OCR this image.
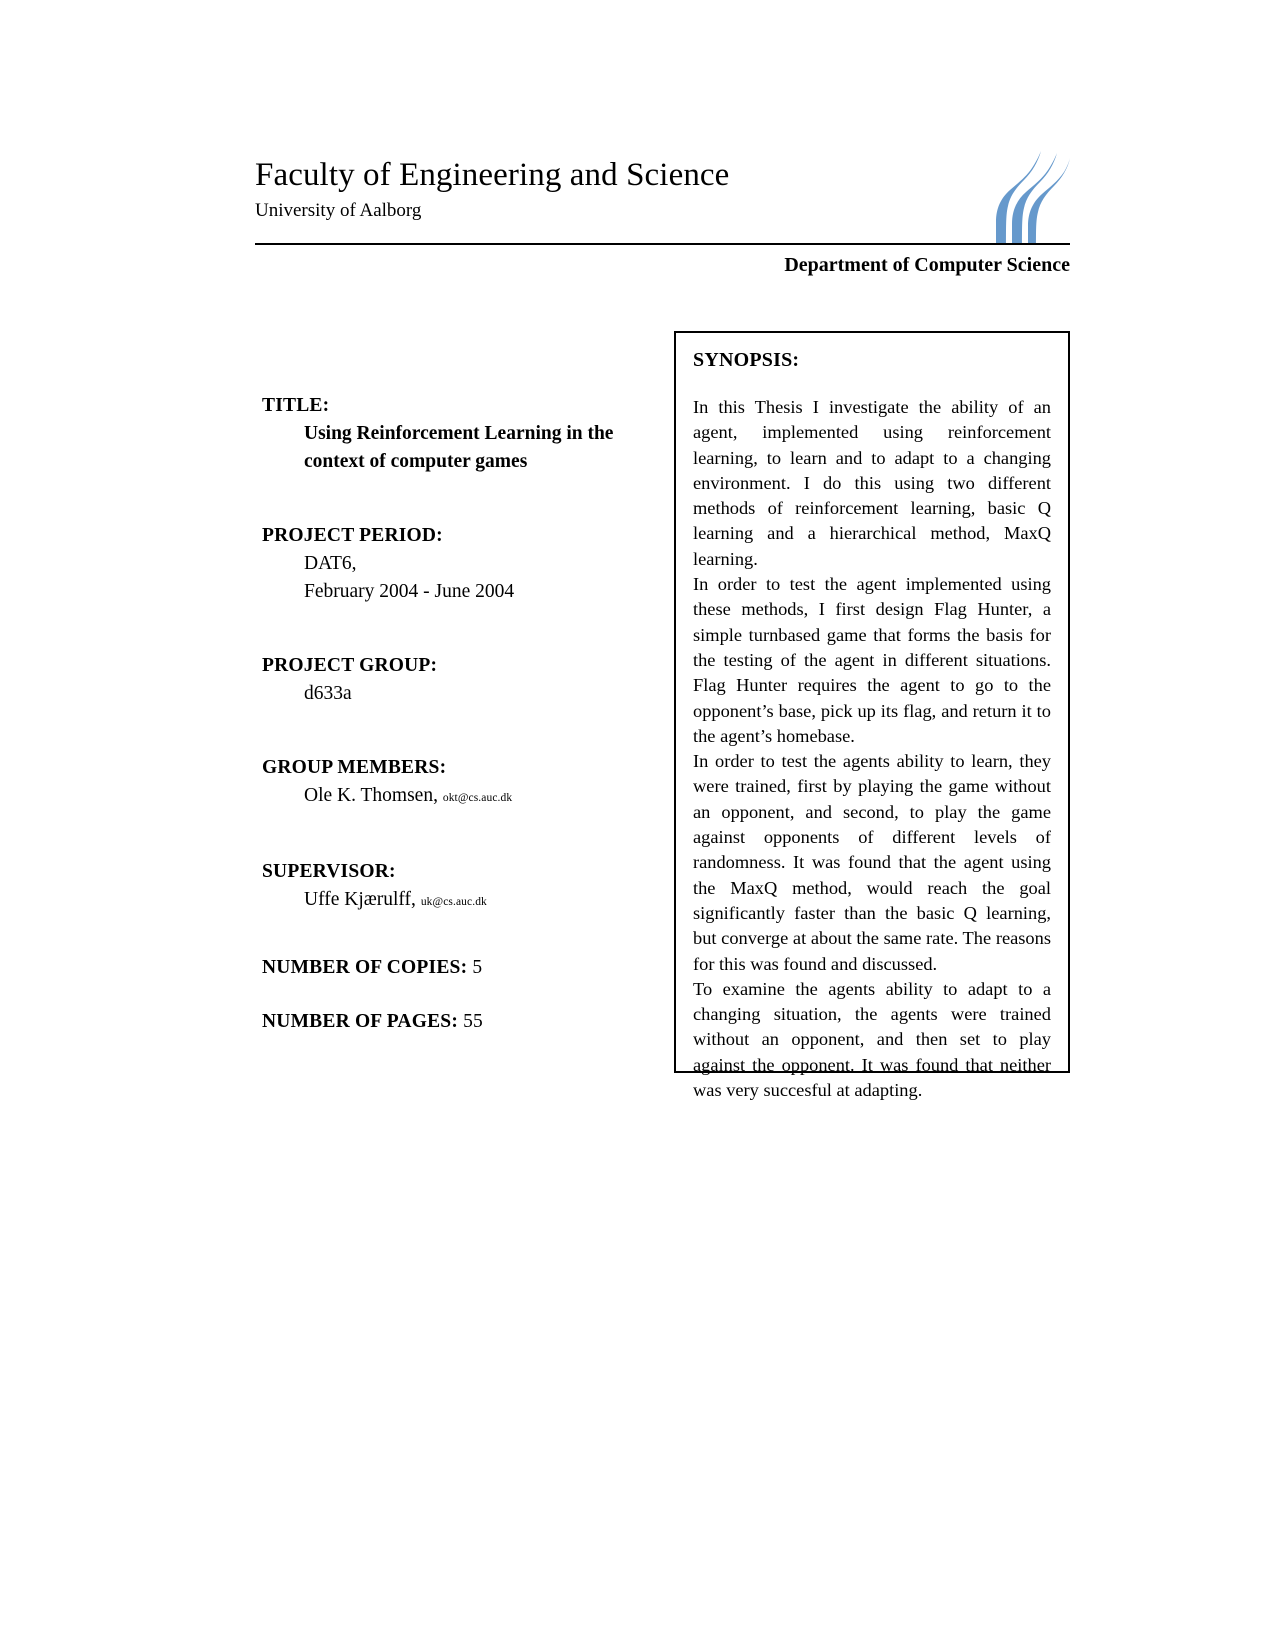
Faculty of Engineering and Science
University of Aalborg
Department of Computer Science
TITLE:
Using Reinforcement Learning in the
context of computer games
PROJECT PERIOD:
DAT6,
February 2004 - June 2004
PROJECT GROUP:
d633a
GROUP MEMBERS:
Ole K. Thomsen, okt@cs.auc.dk
SUPERVISOR:
Uffe Kjærulff, uk@cs.auc.dk
NUMBER OF COPIES: 5
NUMBER OF PAGES: 55
SYNOPSIS:

In this Thesis I investigate the ability of an agent, implemented using reinforcement learning, to learn and to adapt to a changing environment. I do this using two different methods of reinforcement learning, basic Q learning and a hierarchical method, MaxQ learning.

In order to test the agent implemented using these methods, I first design Flag Hunter, a simple turnbased game that forms the basis for the testing of the agent in different situations. Flag Hunter requires the agent to go to the opponent’s base, pick up its flag, and return it to the agent’s homebase.

In order to test the agents ability to learn, they were trained, first by playing the game without an opponent, and second, to play the game against opponents of different levels of randomness. It was found that the agent using the MaxQ method, would reach the goal significantly faster than the basic Q learning, but converge at about the same rate. The reasons for this was found and discussed.

To examine the agents ability to adapt to a changing situation, the agents were trained without an opponent, and then set to play against the opponent. It was found that neither was very succesful at adapting.
